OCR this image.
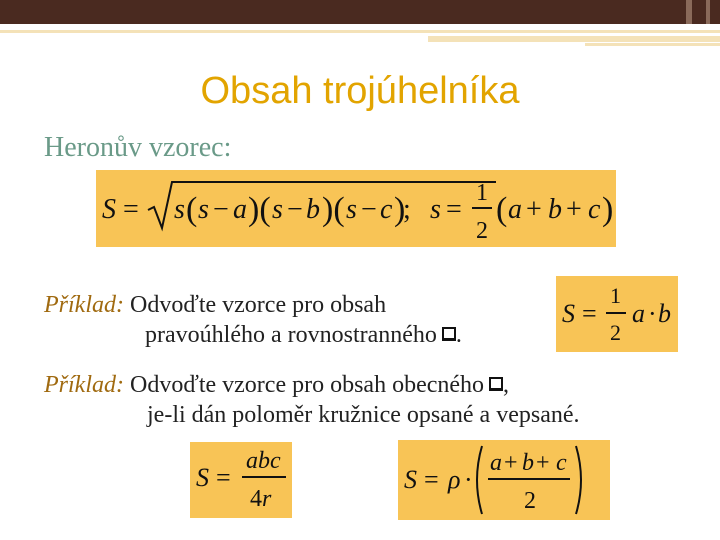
Obsah trojúhelníka
Heronův vzorec:
S = s ( s − a )( s − b )( s − c )
; s =
1
2
( a + b + c )
Příklad: Odvoďte vzorce pro obsah
pravoúhlého a rovnostranného .
S =
1
2
a · b
Příklad: Odvoďte vzorce pro obsah obecného ,
je-li dán poloměr kružnice opsané a vepsané.
S =
abc
4r
S = ρ ·
a + b + c
2
